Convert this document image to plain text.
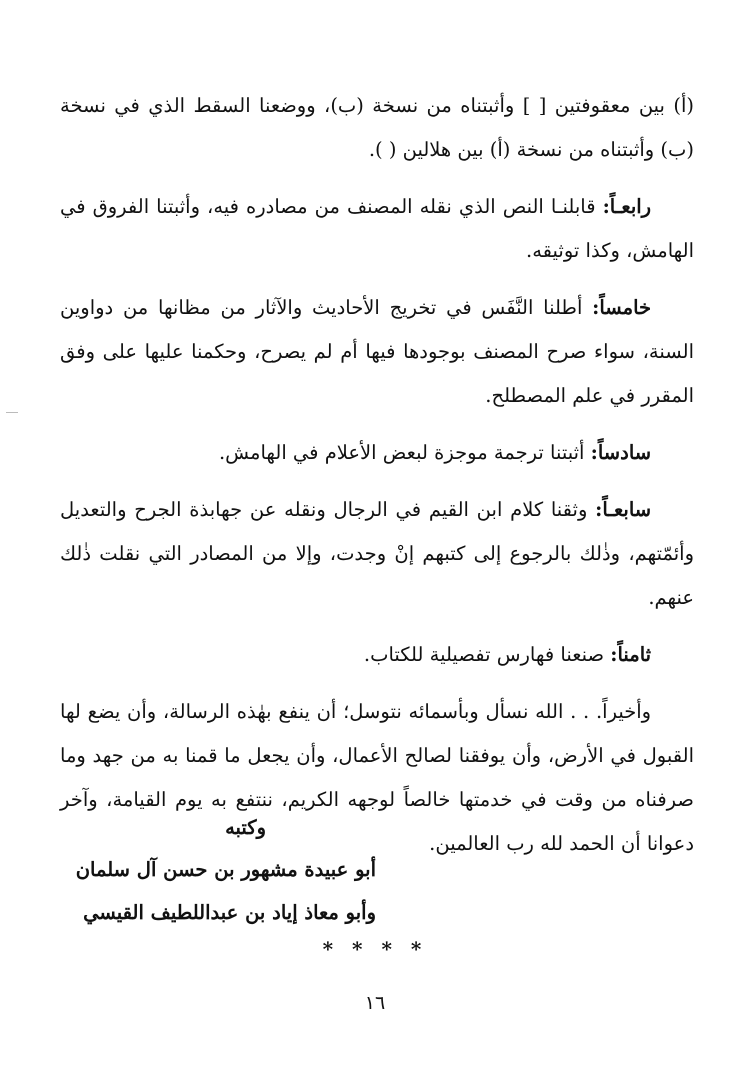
(أ) بين معقوفتين [ ] وأثبتناه من نسخة (ب)، ووضعنا السقط الذي في نسخة (ب) وأثبتناه من نسخة (أ) بين هلالين ( ).

رابعـاً: قابلنـا النص الذي نقله المصنف من مصادره فيه، وأثبتنا الفروق في الهامش، وكذا توثيقه.

خامساً: أطلنا النَّفَس في تخريج الأحاديث والآثار من مظانها من دواوين السنة، سواء صرح المصنف بوجودها فيها أم لم يصرح، وحكمنا عليها على وفق المقرر في علم المصطلح.

سادساً: أثبتنا ترجمة موجزة لبعض الأعلام في الهامش.

سابعـاً: وثقنا كلام ابن القيم في الرجال ونقله عن جهابذة الجرح والتعديل وأئمّتهم، وذٰلك بالرجوع إلى كتبهم إنْ وجدت، وإلا من المصادر التي نقلت ذٰلك عنهم.

ثامناً: صنعنا فهارس تفصيلية للكتاب.

وأخيراً. . . الله نسأل وبأسمائه نتوسل؛ أن ينفع بهٰذه الرسالة، وأن يضع لها القبول في الأرض، وأن يوفقنا لصالح الأعمال، وأن يجعل ما قمنا به من جهد وما صرفناه من وقت في خدمتها خالصاً لوجهه الكريم، ننتفع به يوم القيامة، وآخر دعوانا أن الحمد لله رب العالمين.

وكتبه
أبو عبيدة مشهور بن حسن آل سلمان
وأبو معاذ إياد بن عبداللطيف القيسي
* * * *
١٦
